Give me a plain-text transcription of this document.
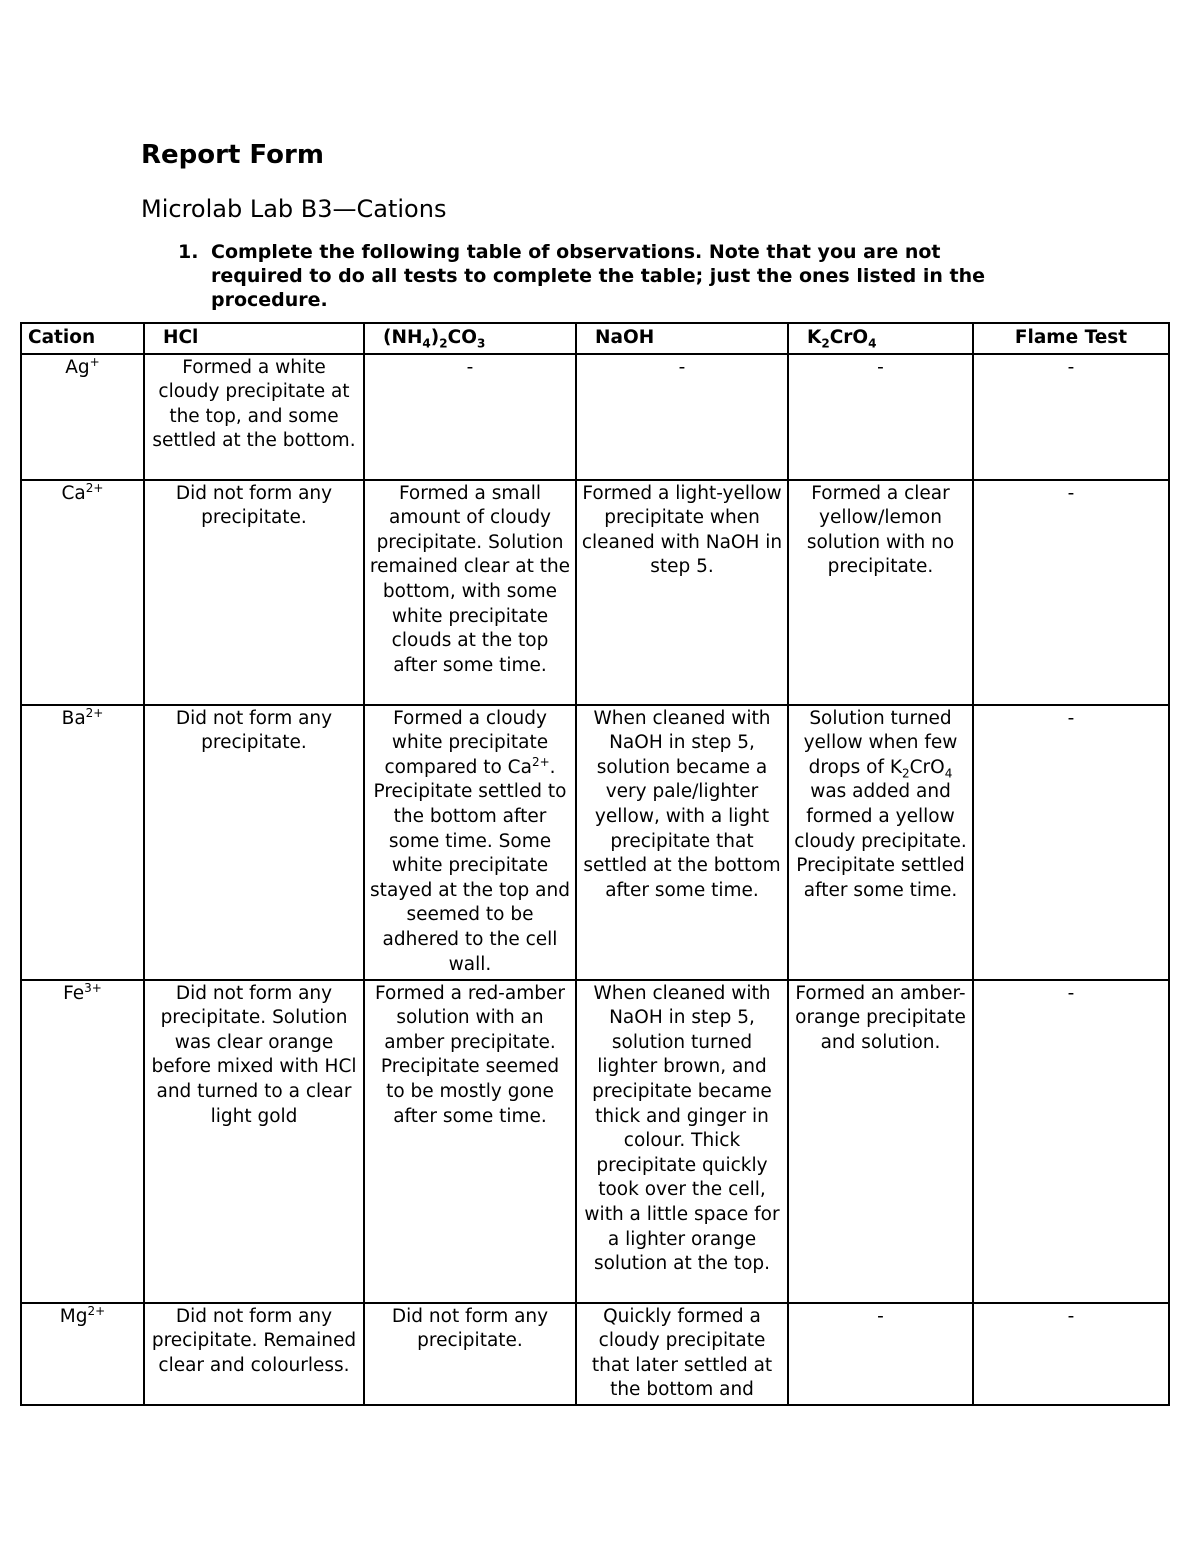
Report Form
Microlab Lab B3—Cations
1. Complete the following table of observations. Note that you are not required to do all tests to complete the table; just the ones listed in the procedure.
Cation	HCl	$(NH_4)_2CO_3$	NaOH	$K_2CrO_4$	Flame Test
Ag+	Formed a white cloudy precipitate at the top, and some settled at the bottom.	-	-	-	-
$Ca^{2+}$	Did not form any precipitate.	Formed a small amount of cloudy precipitate. Solution remained clear at the bottom, with some white precipitate clouds at the top after some time.	Formed a light-yellow precipitate when cleaned with NaOH in step 5.	Formed a clear yellow/lemon solution with no precipitate.	-
$Ba^{2+}$	Did not form any precipitate.	Formed a cloudy white precipitate compared to $Ca^{2+}$. Precipitate settled to the bottom after some time. Some white precipitate stayed at the top and seemed to be adhered to the cell wall.	When cleaned with NaOH in step 5, solution became a very pale/lighter yellow, with a light precipitate that settled at the bottom after some time.	Solution turned yellow when few drops of $K_2CrO_4$ was added and formed a yellow cloudy precipitate. Precipitate settled after some time.	-
$Fe^{3+}$	Did not form any precipitate. Solution was clear orange before mixed with HCl and turned to a clear light gold	Formed a red-amber solution with an amber precipitate. Precipitate seemed to be mostly gone after some time.	When cleaned with NaOH in step 5, solution turned lighter brown, and precipitate became thick and ginger in colour. Thick precipitate quickly took over the cell, with a little space for a lighter orange solution at the top.	Formed an amber-orange precipitate and solution.	-
$Mg^{2+}$	Did not form any precipitate. Remained clear and colourless.	Did not form any precipitate.	Quickly formed a cloudy precipitate that later settled at the bottom and	-	-
